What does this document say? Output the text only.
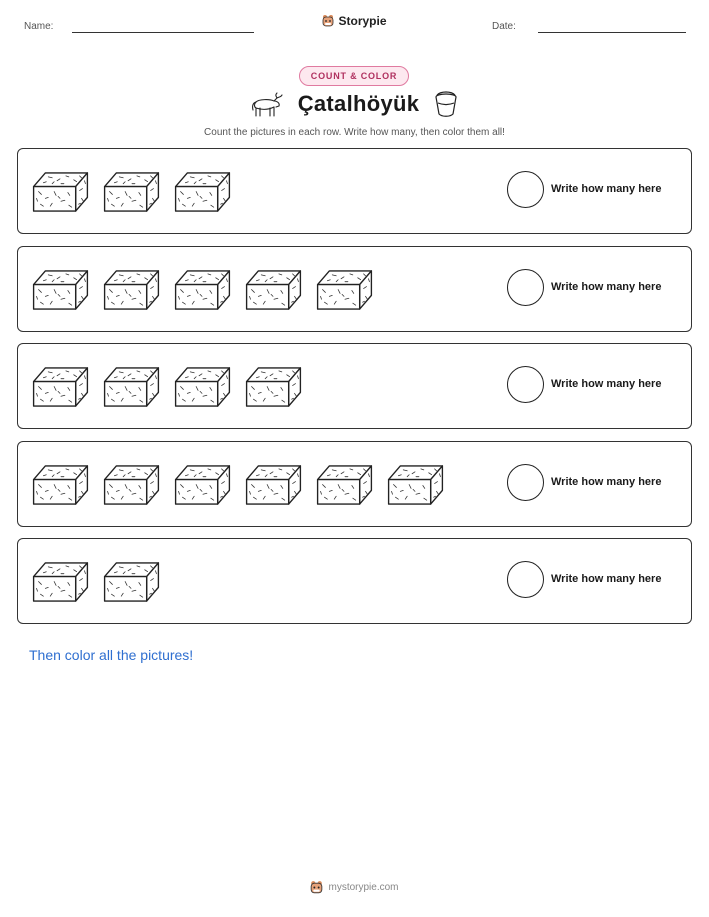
Name:	Storypie	Date:
COUNT & COLOR
Çatalhöyük
Count the pictures in each row. Write how many, then color them all!
Write how many here
Write how many here
Write how many here
Write how many here
Write how many here
Then color all the pictures!
mystorypie.com
